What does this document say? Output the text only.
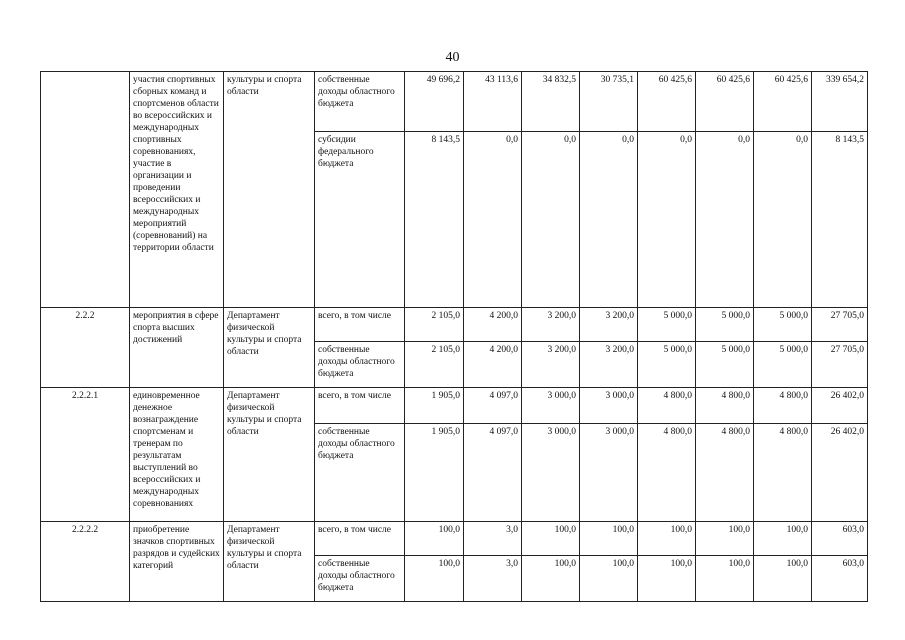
40
	участия спортивных сборных команд и спортсменов области во всероссийских и международных спортивных соревнованиях, участие в организации и проведении всероссийских и международных мероприятий (соревнований) на территории области	культуры и спорта области	собственные доходы областного бюджета	49 696,2	43 113,6	34 832,5	30 735,1	60 425,6	60 425,6	60 425,6	339 654,2
			субсидии федерального бюджета	8 143,5	0,0	0,0	0,0	0,0	0,0	0,0	8 143,5
2.2.2	мероприятия в сфере спорта высших достижений	Департамент физической культуры и спорта области	всего, в том числе	2 105,0	4 200,0	3 200,0	3 200,0	5 000,0	5 000,0	5 000,0	27 705,0
			собственные доходы областного бюджета	2 105,0	4 200,0	3 200,0	3 200,0	5 000,0	5 000,0	5 000,0	27 705,0
2.2.2.1	единовременное денежное вознаграждение спортсменам и тренерам по результатам выступлений во всероссийских и международных соревнованиях	Департамент физической культуры и спорта области	всего, в том числе	1 905,0	4 097,0	3 000,0	3 000,0	4 800,0	4 800,0	4 800,0	26 402,0
			собственные доходы областного бюджета	1 905,0	4 097,0	3 000,0	3 000,0	4 800,0	4 800,0	4 800,0	26 402,0
2.2.2.2	приобретение значков спортивных разрядов и судейских категорий	Департамент физической культуры и спорта области	всего, в том числе	100,0	3,0	100,0	100,0	100,0	100,0	100,0	603,0
			собственные доходы областного бюджета	100,0	3,0	100,0	100,0	100,0	100,0	100,0	603,0
